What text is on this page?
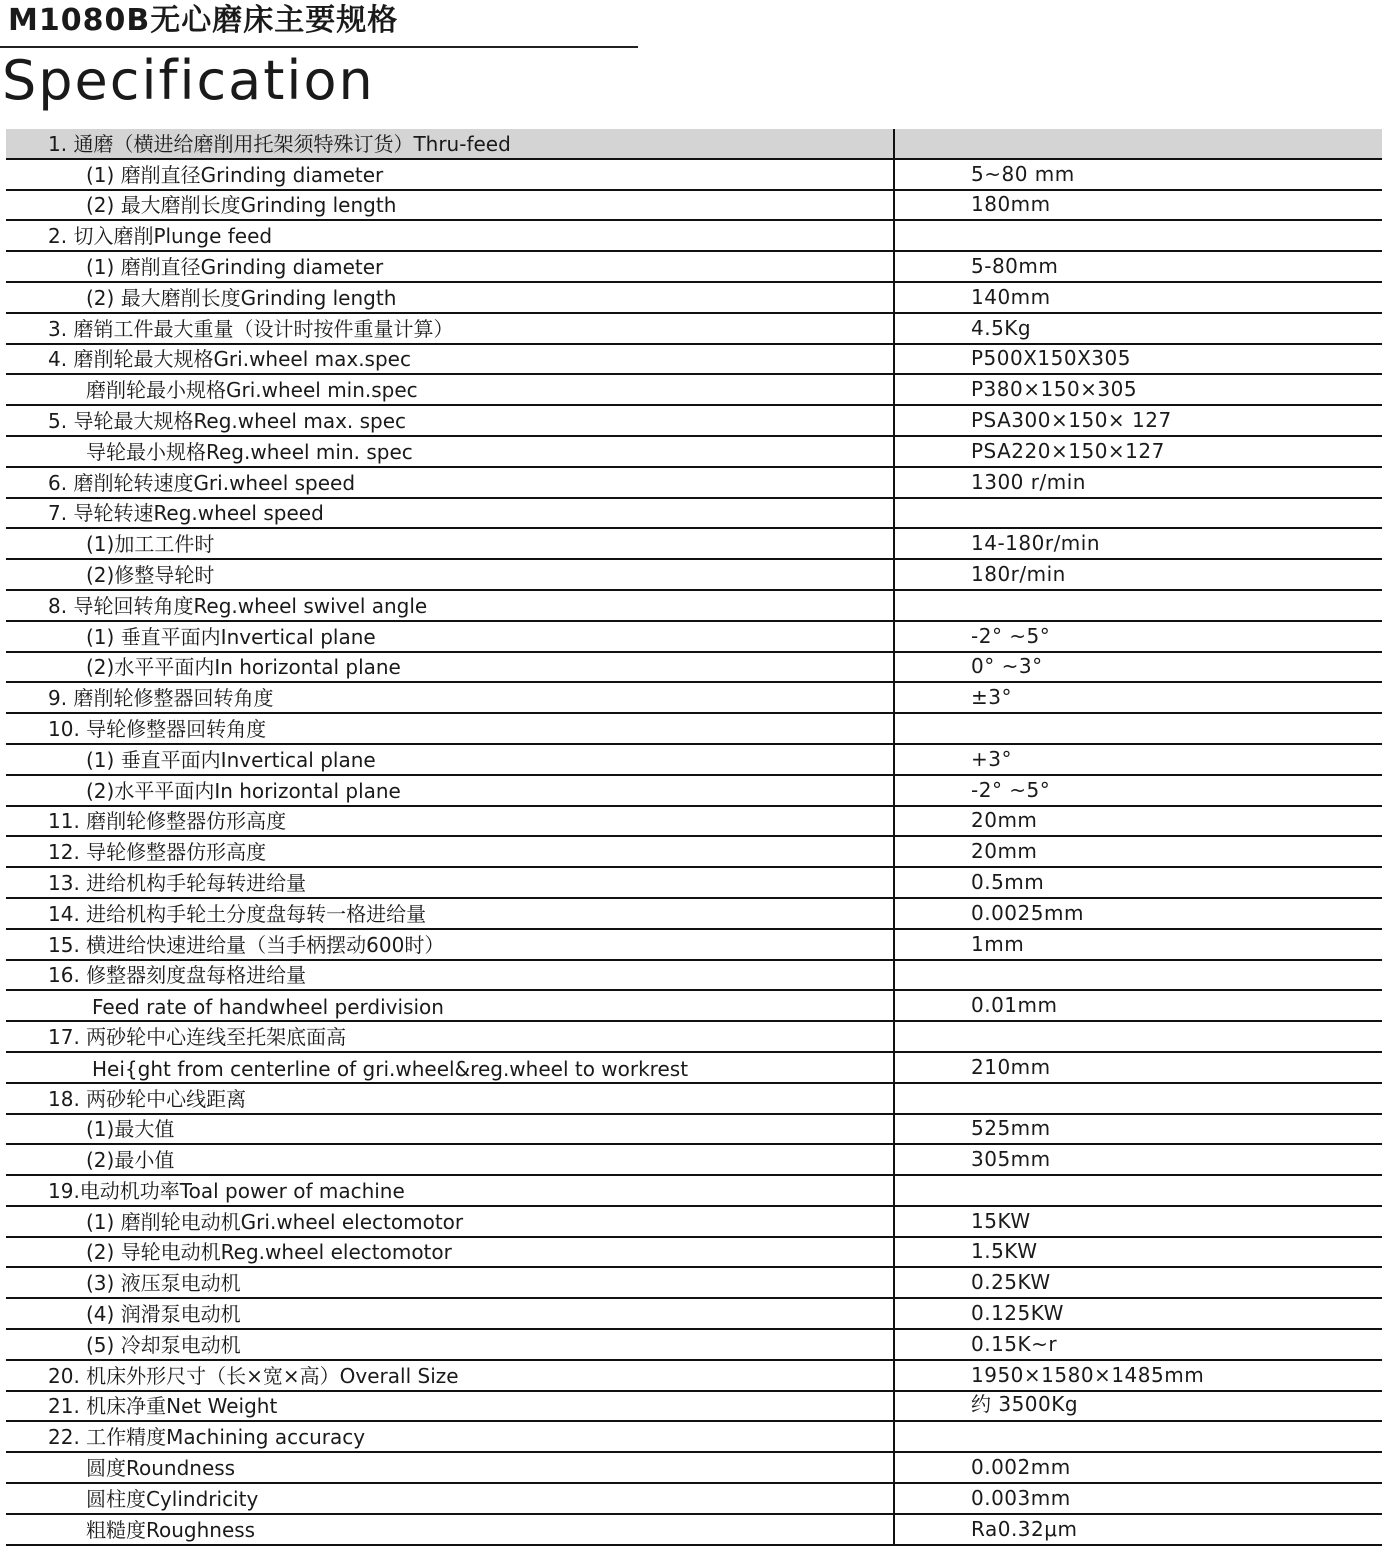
M1080B无心磨床主要规格
Specification
1. 通磨（横进给磨削用托架须特殊订货）Thru-feed
(1) 磨削直径Grinding diameter	5~80 mm
(2) 最大磨削长度Grinding length	180mm
2. 切入磨削Plunge feed
(1) 磨削直径Grinding diameter	5-80mm
(2) 最大磨削长度Grinding length	140mm
3. 磨销工件最大重量（设计时按件重量计算）	4.5Kg
4. 磨削轮最大规格Gri.wheel max.spec	P500X150X305
磨削轮最小规格Gri.wheel min.spec	P380×150×305
5. 导轮最大规格Reg.wheel max. spec	PSA300×150× 127
导轮最小规格Reg.wheel min. spec	PSA220×150×127
6. 磨削轮转速度Gri.wheel speed	1300 r/min
7. 导轮转速Reg.wheel speed
(1)加工工件时	14-180r/min
(2)修整导轮时	180r/min
8. 导轮回转角度Reg.wheel swivel angle
(1) 垂直平面内Invertical plane	-2° ~5°
(2)水平平面内In horizontal plane	0° ~3°
9. 磨削轮修整器回转角度	±3°
10. 导轮修整器回转角度
(1) 垂直平面内Invertical plane	+3°
(2)水平平面内In horizontal plane	-2° ~5°
11. 磨削轮修整器仿形高度	20mm
12. 导轮修整器仿形高度	20mm
13. 进给机构手轮每转进给量	0.5mm
14. 进给机构手轮土分度盘每转一格进给量	0.0025mm
15. 横进给快速进给量（当手柄摆动600时）	1mm
16. 修整器刻度盘每格进给量
Feed rate of handwheel perdivision	0.01mm
17. 两砂轮中心连线至托架底面高
Hei{ght from centerline of gri.wheel&reg.wheel to workrest	210mm
18. 两砂轮中心线距离
(1)最大值	525mm
(2)最小值	305mm
19.电动机功率Toal power of machine
(1) 磨削轮电动机Gri.wheel electomotor	15KW
(2) 导轮电动机Reg.wheel electomotor	1.5KW
(3) 液压泵电动机	0.25KW
(4) 润滑泵电动机	0.125KW
(5) 冷却泵电动机	0.15K~r
20. 机床外形尺寸（长×宽×高）Overall Size	1950×1580×1485mm
21. 机床净重Net Weight	约 3500Kg
22. 工作精度Machining accuracy
圆度Roundness	0.002mm
圆柱度Cylindricity	0.003mm
粗糙度Roughness	Ra0.32μm
